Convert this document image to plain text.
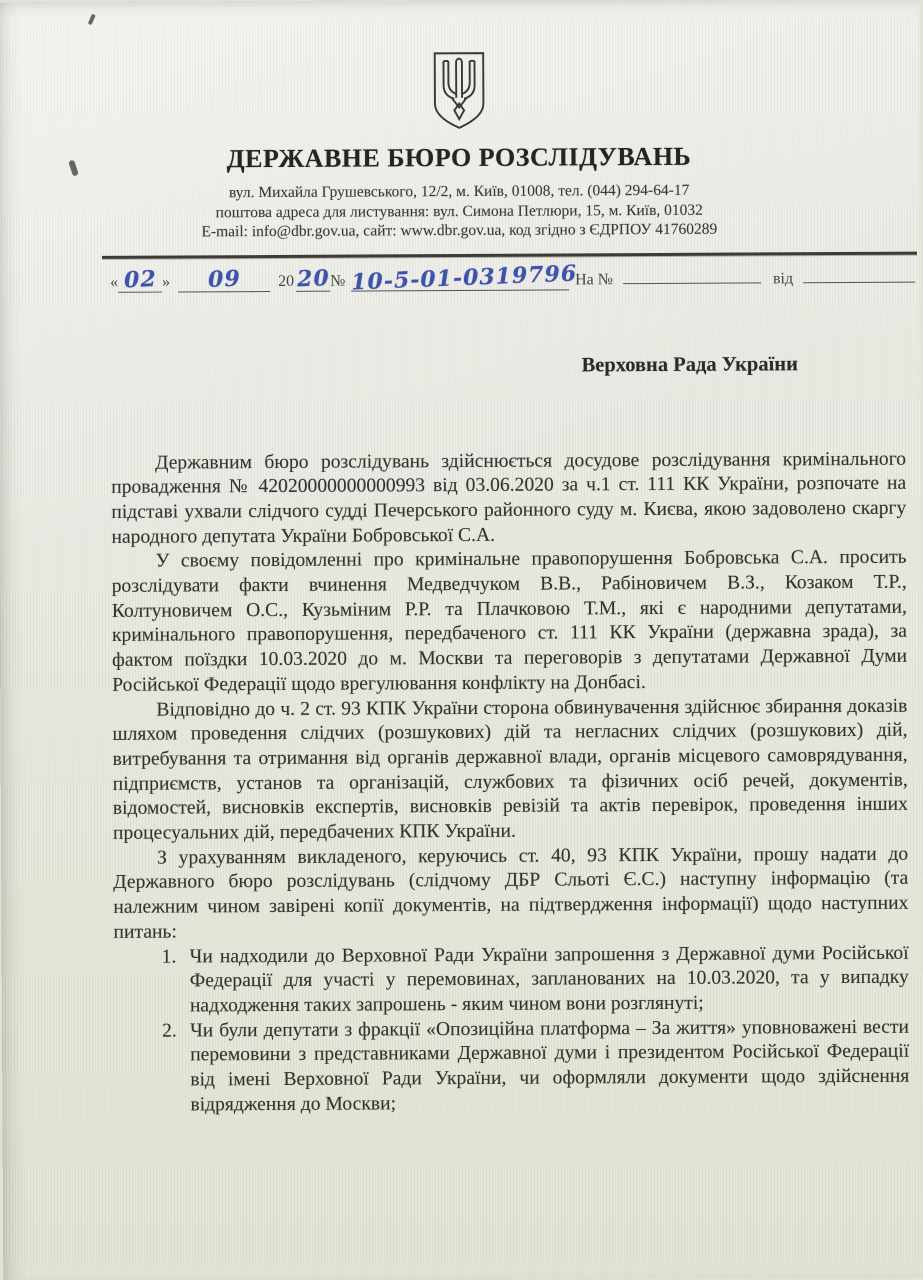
ДЕРЖАВНЕ БЮРО РОЗСЛІДУВАНЬ
вул. Михайла Грушевського, 12/2, м. Київ, 01008, тел. (044) 294-64-17
поштова адреса для листування: вул. Симона Петлюри, 15, м. Київ, 01032
E-mail: info@dbr.gov.ua, сайт: www.dbr.gov.ua, код згідно з ЄДРПОУ 41760289
« 02 »	09	20 20 № 10-5-01-0319796
На №	від
Верховна Рада України

Державним бюро розслідувань здійснюється досудове розслідування кримінального провадження № 42020000000000993 від 03.06.2020 за ч.1 ст. 111 КК України, розпочате на підставі ухвали слідчого судді Печерського районного суду м. Києва, якою задоволено скаргу народного депутата України Бобровської С.А.

У своєму повідомленні про кримінальне правопорушення Бобровська С.А. просить розслідувати факти вчинення Медведчуком В.В., Рабіновичем В.З., Козаком Т.Р., Колтуновичем О.С., Кузьміним Р.Р. та Плачковою Т.М., які є народними депутатами, кримінального правопорушення, передбаченого ст. 111 КК України (державна зрада), за фактом поїздки 10.03.2020 до м. Москви та переговорів з депутатами Державної Думи Російської Федерації щодо врегулювання конфлікту на Донбасі.

Відповідно до ч. 2 ст. 93 КПК України сторона обвинувачення здійснює збирання доказів шляхом проведення слідчих (розшукових) дій та негласних слідчих (розшукових) дій, витребування та отримання від органів державної влади, органів місцевого самоврядування, підприємств, установ та організацій, службових та фізичних осіб речей, документів, відомостей, висновків експертів, висновків ревізій та актів перевірок, проведення інших процесуальних дій, передбачених КПК України.

З урахуванням викладеного, керуючись ст. 40, 93 КПК України, прошу надати до Державного бюро розслідувань (слідчому ДБР Сльоті Є.С.) наступну інформацію (та належним чином завірені копії документів, на підтвердження інформації) щодо наступних питань:

1. Чи надходили до Верховної Ради України запрошення з Державної думи Російської Федерації для участі у перемовинах, запланованих на 10.03.2020, та у випадку надходження таких запрошень - яким чином вони розглянуті;
2. Чи були депутати з фракції «Опозиційна платформа – За життя» уповноважені вести перемовини з представниками Державної думи і президентом Російської Федерації від імені Верховної Ради України, чи оформляли документи щодо здійснення відрядження до Москви;
